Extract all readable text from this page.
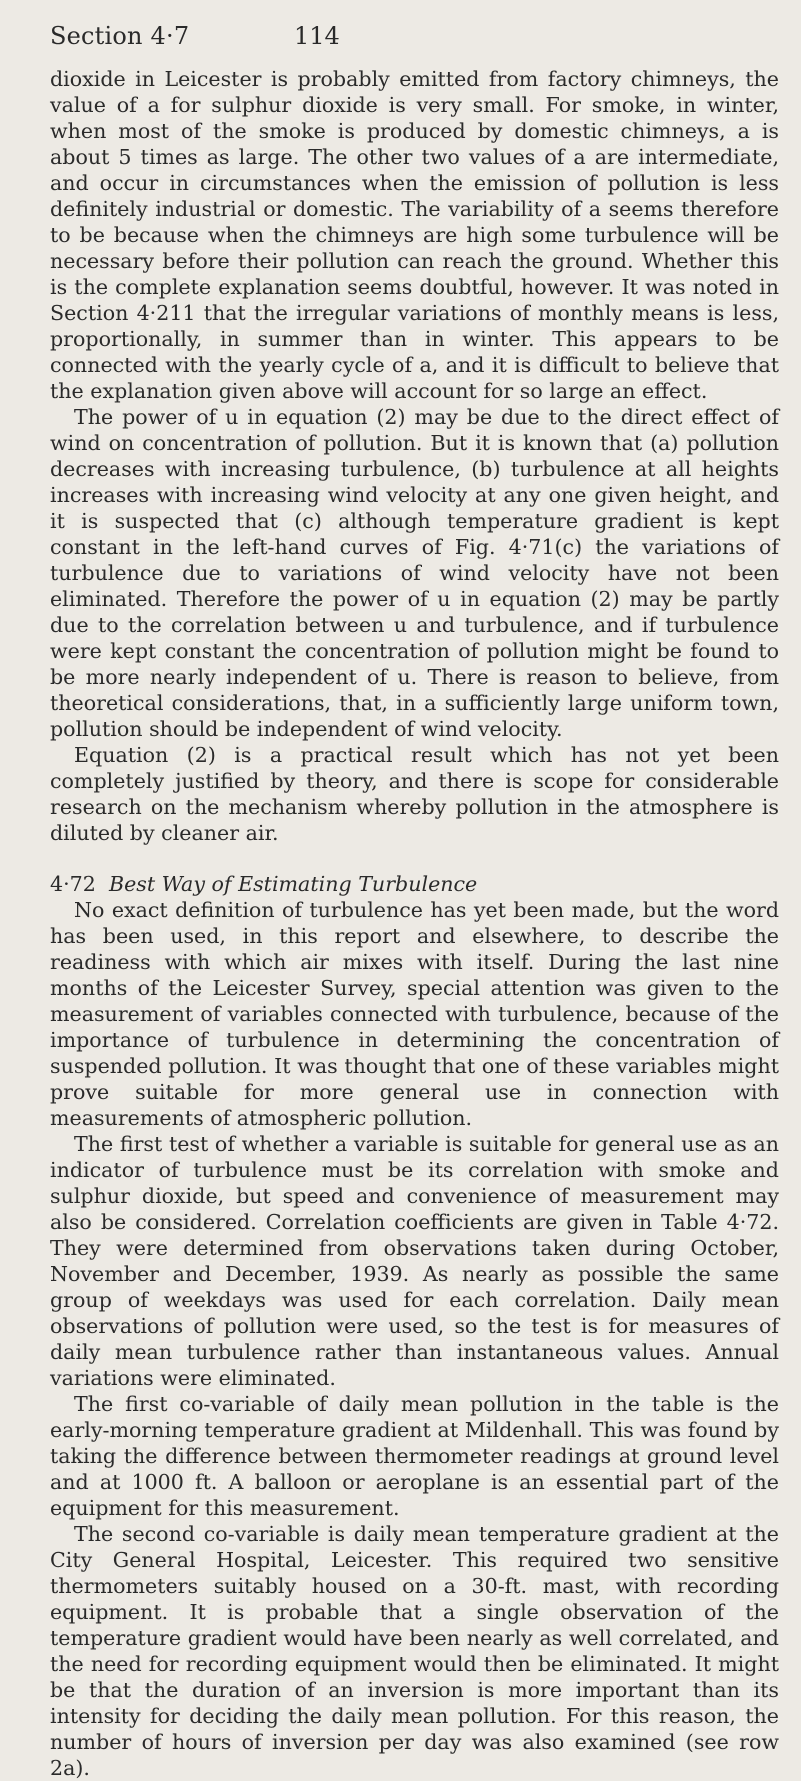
Section 4·7	114

dioxide in Leicester is probably emitted from factory chimneys, the value of a for sulphur dioxide is very small. For smoke, in winter, when most of the smoke is produced by domestic chimneys, a is about 5 times as large. The other two values of a are intermediate, and occur in circumstances when the emission of pollution is less definitely industrial or domestic. The variability of a seems therefore to be because when the chimneys are high some turbulence will be necessary before their pollution can reach the ground. Whether this is the complete explanation seems doubtful, however. It was noted in Section 4·211 that the irregular variations of monthly means is less, proportionally, in summer than in winter. This appears to be connected with the yearly cycle of a, and it is difficult to believe that the explanation given above will account for so large an effect.

The power of u in equation (2) may be due to the direct effect of wind on concentration of pollution. But it is known that (a) pollution decreases with increasing turbulence, (b) turbulence at all heights increases with increasing wind velocity at any one given height, and it is suspected that (c) although temperature gradient is kept constant in the left-hand curves of Fig. 4·71(c) the variations of turbulence due to variations of wind velocity have not been eliminated. Therefore the power of u in equation (2) may be partly due to the correlation between u and turbulence, and if turbulence were kept constant the concentration of pollution might be found to be more nearly independent of u. There is reason to believe, from theoretical considerations, that, in a sufficiently large uniform town, pollution should be independent of wind velocity.

Equation (2) is a practical result which has not yet been completely justified by theory, and there is scope for considerable research on the mechanism whereby pollution in the atmosphere is diluted by cleaner air.

4·72 Best Way of Estimating Turbulence

No exact definition of turbulence has yet been made, but the word has been used, in this report and elsewhere, to describe the readiness with which air mixes with itself. During the last nine months of the Leicester Survey, special attention was given to the measurement of variables connected with turbulence, because of the importance of turbulence in determining the concentration of suspended pollution. It was thought that one of these variables might prove suitable for more general use in connection with measurements of atmospheric pollution.

The first test of whether a variable is suitable for general use as an indicator of turbulence must be its correlation with smoke and sulphur dioxide, but speed and convenience of measurement may also be considered. Correlation coefficients are given in Table 4·72. They were determined from observations taken during October, November and December, 1939. As nearly as possible the same group of weekdays was used for each correlation. Daily mean observations of pollution were used, so the test is for measures of daily mean turbulence rather than instantaneous values. Annual variations were eliminated.

The first co-variable of daily mean pollution in the table is the early-morning temperature gradient at Mildenhall. This was found by taking the difference between thermometer readings at ground level and at 1000 ft. A balloon or aeroplane is an essential part of the equipment for this measurement.

The second co-variable is daily mean temperature gradient at the City General Hospital, Leicester. This required two sensitive thermometers suitably housed on a 30-ft. mast, with recording equipment. It is probable that a single observation of the temperature gradient would have been nearly as well correlated, and the need for recording equipment would then be eliminated. It might be that the duration of an inversion is more important than its intensity for deciding the daily mean pollution. For this reason, the number of hours of inversion per day was also examined (see row 2a).
